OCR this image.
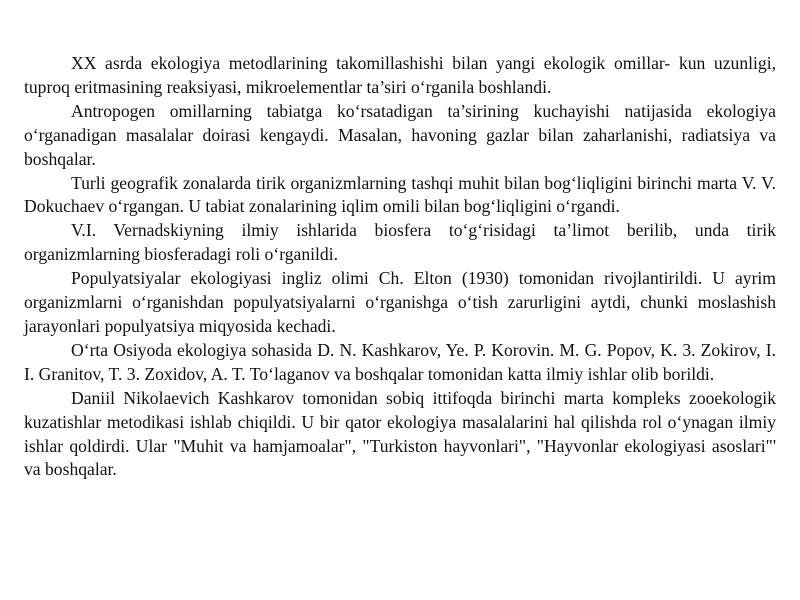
XX asrda ekologiya metodlarining takomillashishi bilan yangi ekologik omillar- kun uzunligi, tuproq eritmasining reaksiyasi, mikroelementlar ta’siri o‘rganila boshlandi.

Antropogen omillarning tabiatga ko‘rsatadigan ta’sirining kuchayishi natijasida ekologiya o‘rganadigan masalalar doirasi kengaydi. Masalan, havoning gazlar bilan zaharlanishi, radiatsiya va boshqalar.

Turli geografik zonalarda tirik organizmlarning tashqi muhit bilan bog‘liqligini birinchi marta V. V. Dokuchaev o‘rgangan. U tabiat zonalarining iqlim omili bilan bog‘liqligini o‘rgandi.

V.I. Vernadskiyning ilmiy ishlarida biosfera to‘g‘risidagi ta’limot berilib, unda tirik organizmlarning biosferadagi roli o‘rganildi.

Populyatsiyalar ekologiyasi ingliz olimi Ch. Elton (1930) tomonidan rivojlantirildi. U ayrim organizmlarni o‘rganishdan populyatsiyalarni o‘rganishga o‘tish zarurligini aytdi, chunki moslashish jarayonlari populyatsiya miqyosida kechadi.

O‘rta Osiyoda ekologiya sohasida D. N. Kashkarov, Ye. P. Korovin. M. G. Popov, K. 3. Zokirov, I. I. Granitov, T. 3. Zoxidov, A. T. To‘laganov va boshqalar tomonidan katta ilmiy ishlar olib borildi.

Daniil Nikolaevich Kashkarov tomonidan sobiq ittifoqda birinchi marta kompleks zooekologik kuzatishlar metodikasi ishlab chiqildi. U bir qator ekologiya masalalarini hal qilishda rol o‘ynagan ilmiy ishlar qoldirdi. Ular "Muhit va hamjamoalar", "Turkiston hayvonlari", "Hayvonlar ekologiyasi asoslari"' va boshqalar.
